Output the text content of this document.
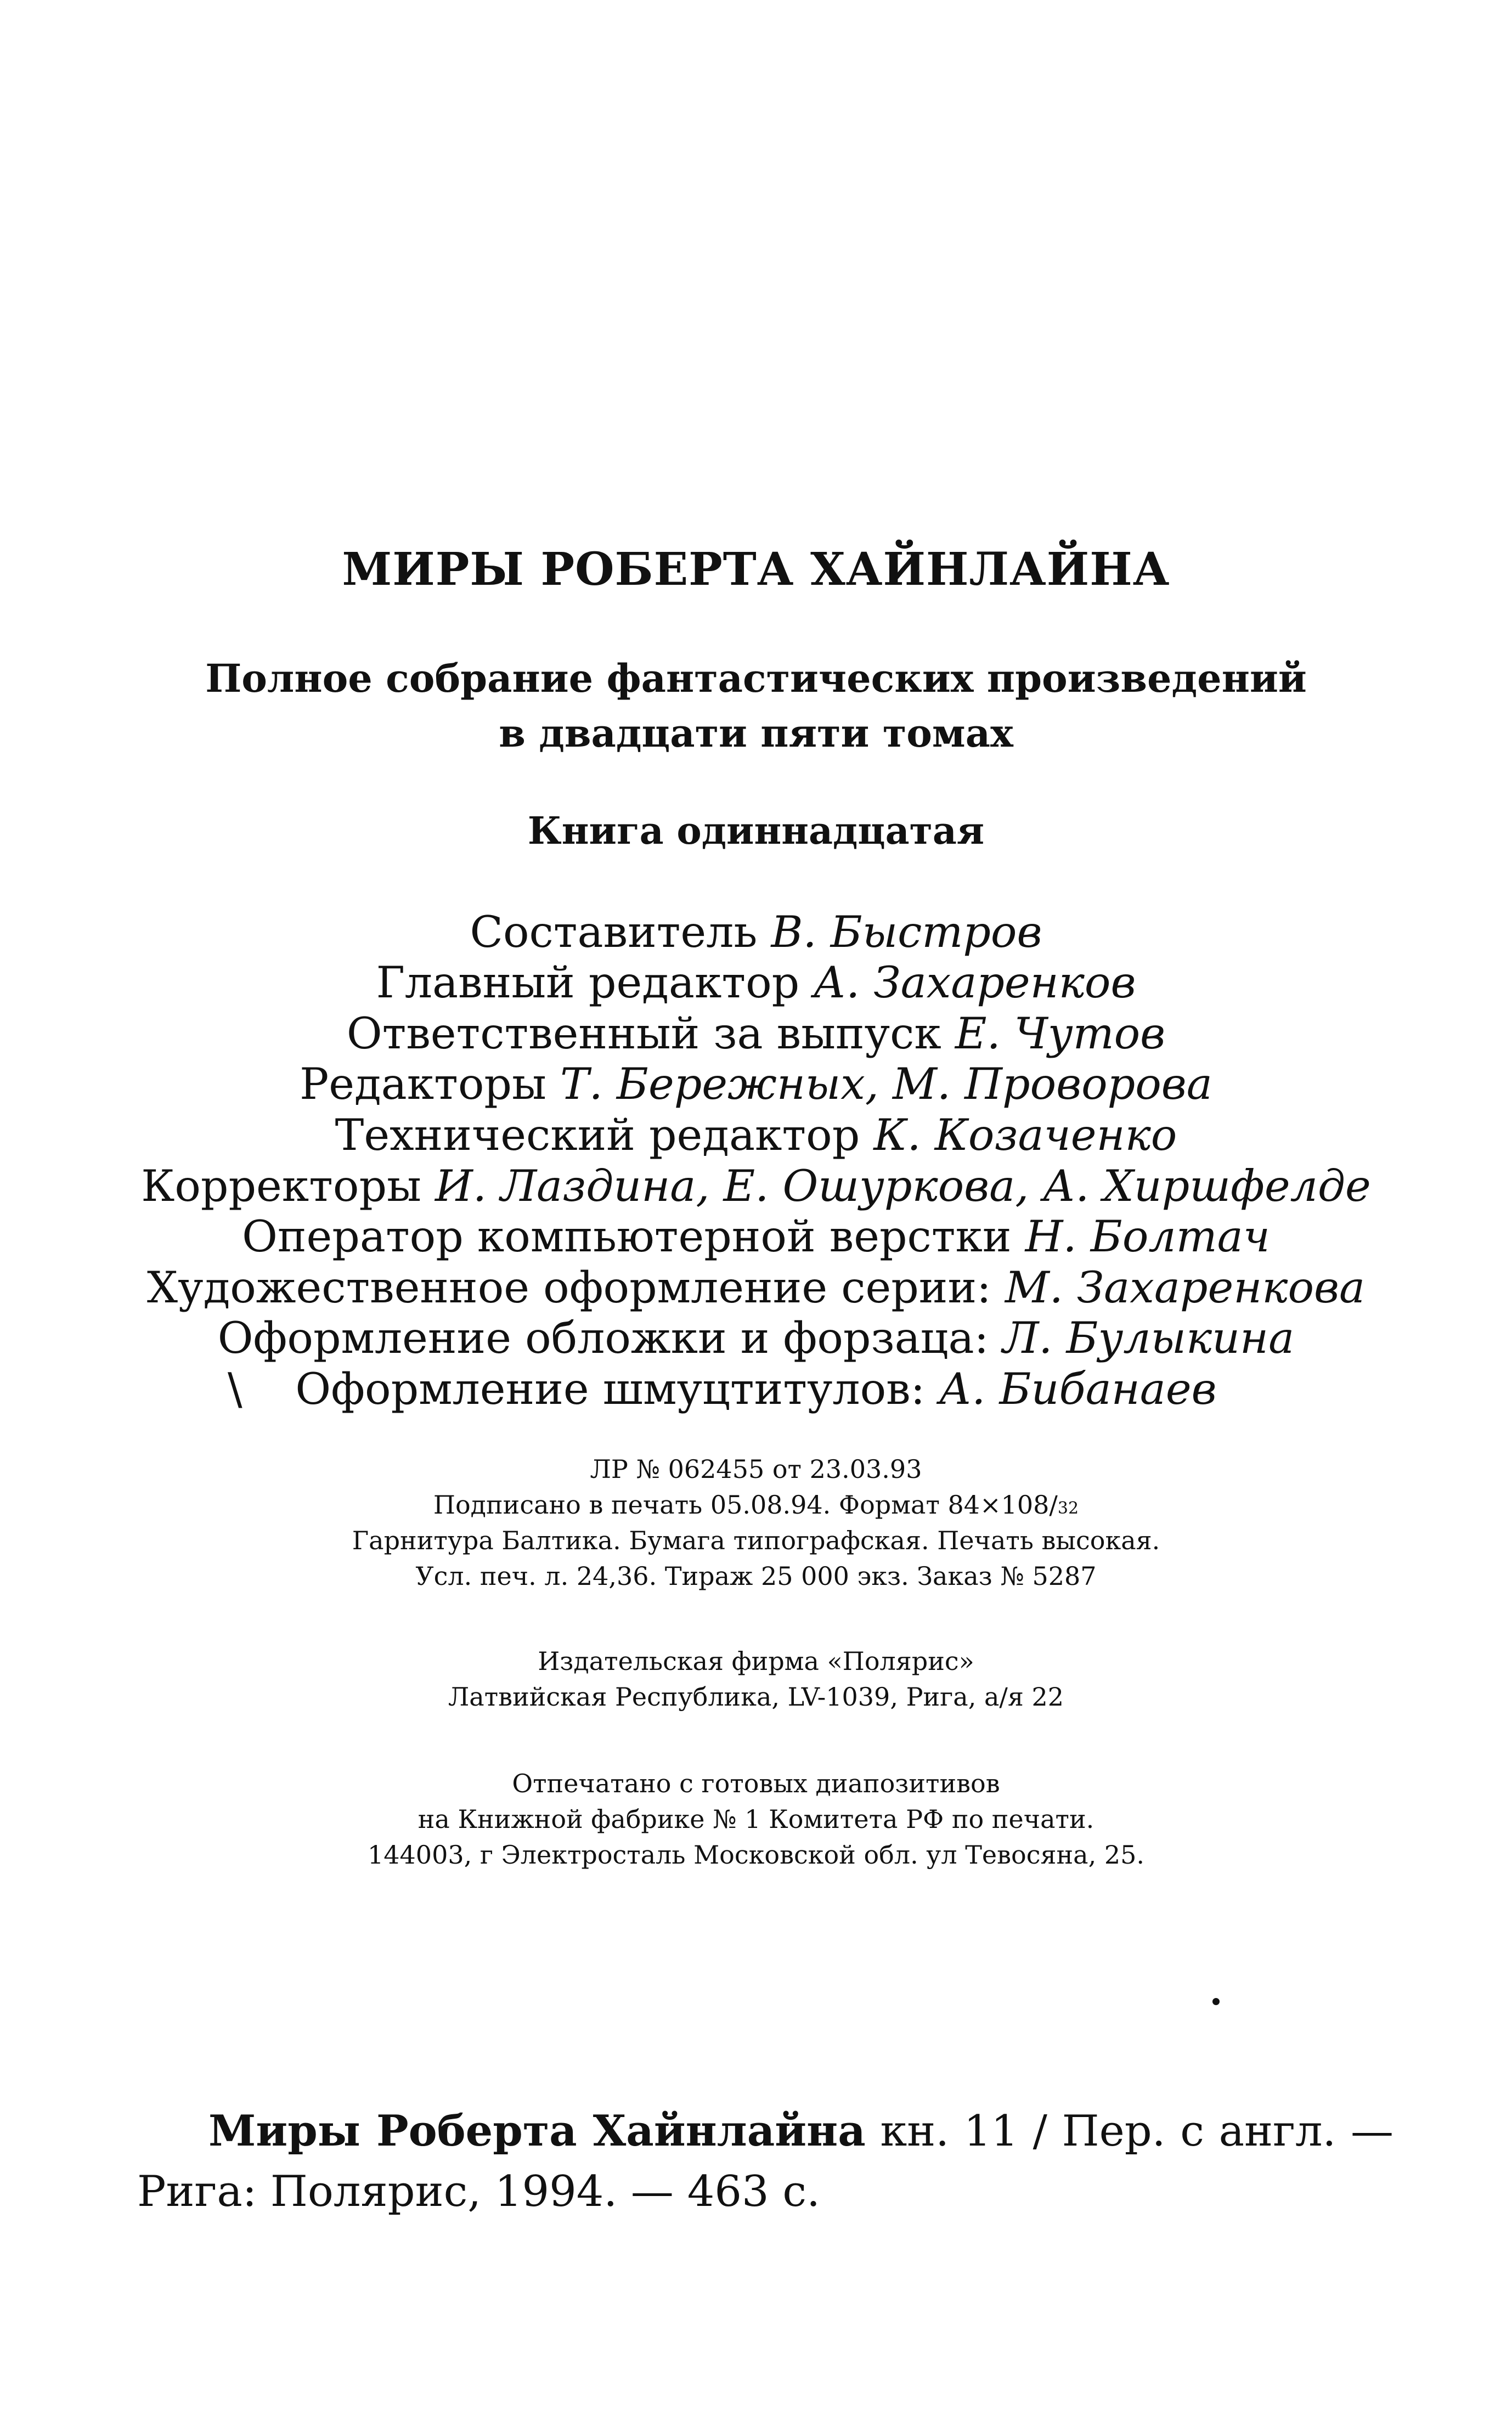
МИРЫ РОБЕРТА ХАЙНЛАЙНА
Полное собрание фантастических произведений
в двадцати пяти томах
Книга одиннадцатая
Составитель В. Быстров
Главный редактор А. Захаренков
Ответственный за выпуск Е. Чутов
Редакторы Т. Бережных, М. Проворова
Технический редактор К. Козаченко
Корректоры И. Лаздина, Е. Ошуркова, А. Хиршфелде
Оператор компьютерной верстки Н. Болтач
Художественное оформление серии: М. Захаренкова
Оформление обложки и форзаца: Л. Булыкина
Оформление шмуцтитулов: А. Бибанаев
\
ЛР № 062455 от 23.03.93
Подписано в печать 05.08.94. Формат 84×108/32
Гарнитура Балтика. Бумага типографская. Печать высокая.
Усл. печ. л. 24,36. Тираж 25 000 экз. Заказ № 5287
Издательская фирма «Полярис»
Латвийская Республика, LV-1039, Рига, а/я 22
Отпечатано с готовых диапозитивов
на Книжной фабрике № 1 Комитета РФ по печати.
144003, г Электросталь Московской обл. ул Тевосяна, 25.

Миры Роберта Хайнлайна кн. 11 / Пер. с англ. — Рига: Полярис, 1994. — 463 с.
